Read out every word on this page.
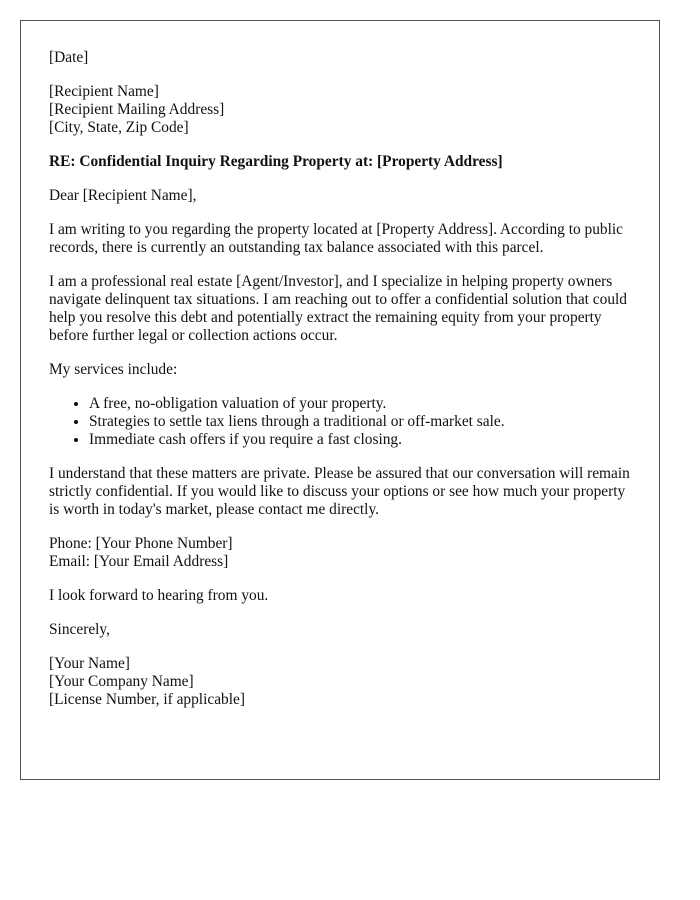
[Date]

[Recipient Name]
[Recipient Mailing Address]
[City, State, Zip Code]

RE: Confidential Inquiry Regarding Property at: [Property Address]

Dear [Recipient Name],

I am writing to you regarding the property located at [Property Address]. According to public records, there is currently an outstanding tax balance associated with this parcel.

I am a professional real estate [Agent/Investor], and I specialize in helping property owners navigate delinquent tax situations. I am reaching out to offer a confidential solution that could help you resolve this debt and potentially extract the remaining equity from your property before further legal or collection actions occur.

My services include:

• A free, no-obligation valuation of your property.
• Strategies to settle tax liens through a traditional or off-market sale.
• Immediate cash offers if you require a fast closing.

I understand that these matters are private. Please be assured that our conversation will remain strictly confidential. If you would like to discuss your options or see how much your property is worth in today's market, please contact me directly.

Phone: [Your Phone Number]
Email: [Your Email Address]

I look forward to hearing from you.

Sincerely,

[Your Name]
[Your Company Name]
[License Number, if applicable]
